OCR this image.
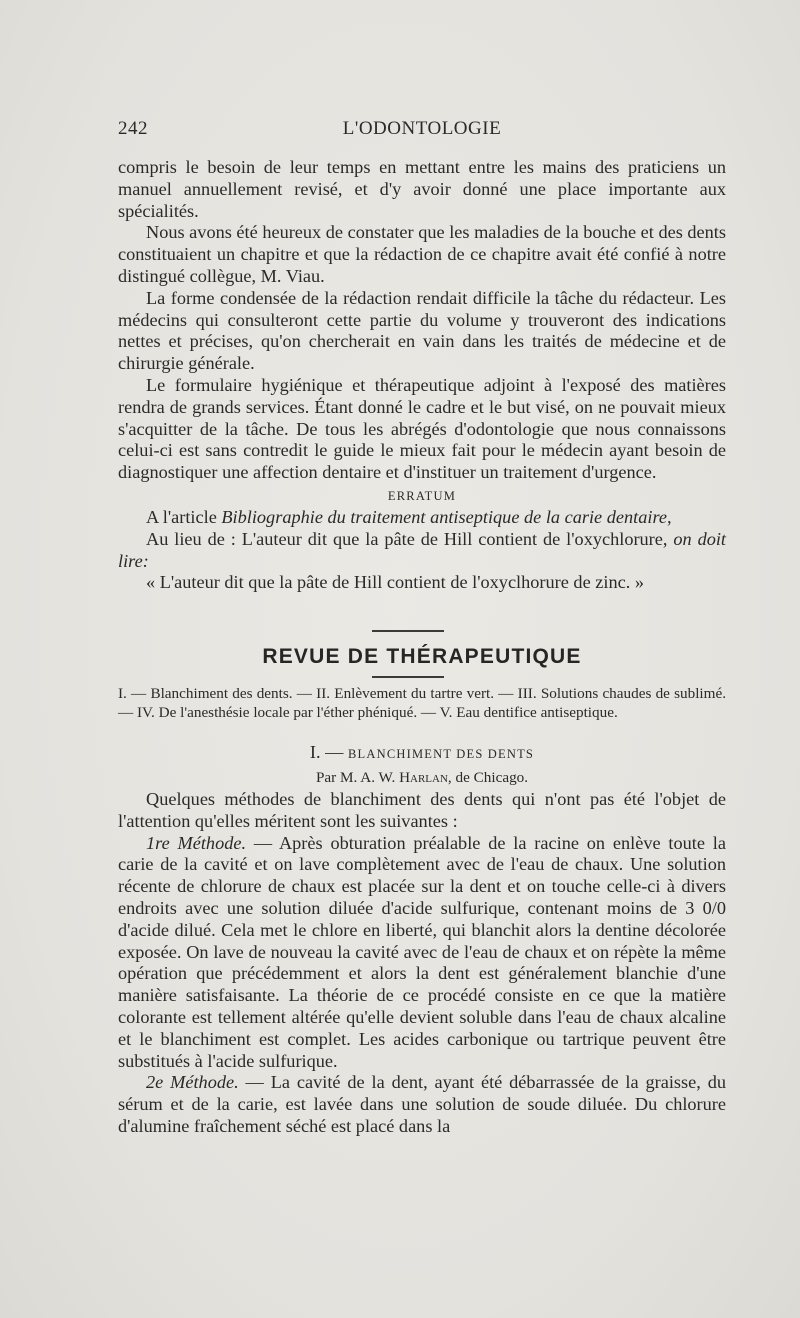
242	L'ODONTOLOGIE

compris le besoin de leur temps en mettant entre les mains des praticiens un manuel annuellement revisé, et d'y avoir donné une place importante aux spécialités.

Nous avons été heureux de constater que les maladies de la bouche et des dents constituaient un chapitre et que la rédaction de ce chapitre avait été confié à notre distingué collègue, M. Viau.

La forme condensée de la rédaction rendait difficile la tâche du rédacteur. Les médecins qui consulteront cette partie du volume y trouveront des indications nettes et précises, qu'on chercherait en vain dans les traités de médecine et de chirurgie générale.

Le formulaire hygiénique et thérapeutique adjoint à l'exposé des matières rendra de grands services. Étant donné le cadre et le but visé, on ne pouvait mieux s'acquitter de la tâche. De tous les abrégés d'odontologie que nous connaissons celui-ci est sans contredit le guide le mieux fait pour le médecin ayant besoin de diagnostiquer une affection dentaire et d'instituer un traitement d'urgence.

ERRATUM

A l'article Bibliographie du traitement antiseptique de la carie dentaire,

Au lieu de : L'auteur dit que la pâte de Hill contient de l'oxychlorure, on doit lire:

« L'auteur dit que la pâte de Hill contient de l'oxyclhorure de zinc. »

REVUE DE THÉRAPEUTIQUE

I. — Blanchiment des dents. — II. Enlèvement du tartre vert. — III. Solutions chaudes de sublimé. — IV. De l'anesthésie locale par l'éther phéniqué. — V. Eau dentifice antiseptique.

I. — BLANCHIMENT DES DENTS

Par M. A. W. Harlan, de Chicago.

Quelques méthodes de blanchiment des dents qui n'ont pas été l'objet de l'attention qu'elles méritent sont les suivantes :

1re Méthode. — Après obturation préalable de la racine on enlève toute la carie de la cavité et on lave complètement avec de l'eau de chaux. Une solution récente de chlorure de chaux est placée sur la dent et on touche celle-ci à divers endroits avec une solution diluée d'acide sulfurique, contenant moins de 3 0/0 d'acide dilué. Cela met le chlore en liberté, qui blanchit alors la dentine décolorée exposée. On lave de nouveau la cavité avec de l'eau de chaux et on répète la même opération que précédemment et alors la dent est généralement blanchie d'une manière satisfaisante. La théorie de ce procédé consiste en ce que la matière colorante est tellement altérée qu'elle devient soluble dans l'eau de chaux alcaline et le blanchiment est complet. Les acides carbonique ou tartrique peuvent être substitués à l'acide sulfurique.

2e Méthode. — La cavité de la dent, ayant été débarrassée de la graisse, du sérum et de la carie, est lavée dans une solution de soude diluée. Du chlorure d'alumine fraîchement séché est placé dans la
